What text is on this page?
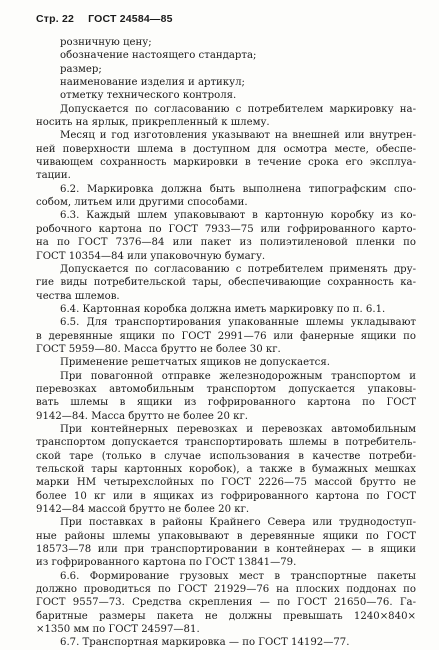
Стр. 22 ГОСТ 24584—85

розничную цену;
обозначение настоящего стандарта;
размер;
наименование изделия и артикул;
отметку технического контроля.

Допускается по согласованию с потребителем маркировку на-
носить на ярлык, прикрепленный к шлему.

Месяц и год изготовления указывают на внешней или внутрен-
ней поверхности шлема в доступном для осмотра месте, обеспе-
чивающем сохранность маркировки в течение срока его эксплуа-
тации.

6.2. Маркировка должна быть выполнена типографским спо-
собом, литьем или другими способами.

6.3. Каждый шлем упаковывают в картонную коробку из ко-
робочного картона по ГОСТ 7933—75 или гофрированного карто-
на по ГОСТ 7376—84 или пакет из полиэтиленовой пленки по
ГОСТ 10354—84 или упаковочную бумагу.

Допускается по согласованию с потребителем применять дру-
гие виды потребительской тары, обеспечивающие сохранность ка-
чества шлемов.

6.4. Картонная коробка должна иметь маркировку по п. 6.1.

6.5. Для транспортирования упакованные шлемы укладывают
в деревянные ящики по ГОСТ 2991—76 или фанерные ящики по
ГОСТ 5959—80. Масса брутто не более 30 кг.

Применение решетчатых ящиков не допускается.

При повагонной отправке железнодорожным транспортом и
перевозках автомобильным транспортом допускается упаковы-
вать шлемы в ящики из гофрированного картона по ГОСТ
9142—84. Масса брутто не более 20 кг.

При контейнерных перевозках и перевозках автомобильным
транспортом допускается транспортировать шлемы в потребитель-
ской таре (только в случае использования в качестве потреби-
тельской тары картонных коробок), а также в бумажных мешках
марки НМ четырехслойных по ГОСТ 2226—75 массой брутто не
более 10 кг или в ящиках из гофрированного картона по ГОСТ
9142—84 массой брутто не более 20 кг.

При поставках в районы Крайнего Севера или труднодоступ-
ные районы шлемы упаковывают в деревянные ящики по ГОСТ
18573—78 или при транспортировании в контейнерах — в ящики
из гофрированного картона по ГОСТ 13841—79.

6.6. Формирование грузовых мест в транспортные пакеты
должно проводиться по ГОСТ 21929—76 на плоских поддонах по
ГОСТ 9557—73. Средства скрепления — по ГОСТ 21650—76. Га-
баритные размеры пакета не должны превышать 1240×840×
×1350 мм по ГОСТ 24597—81.

6.7. Транспортная маркировка — по ГОСТ 14192—77.
